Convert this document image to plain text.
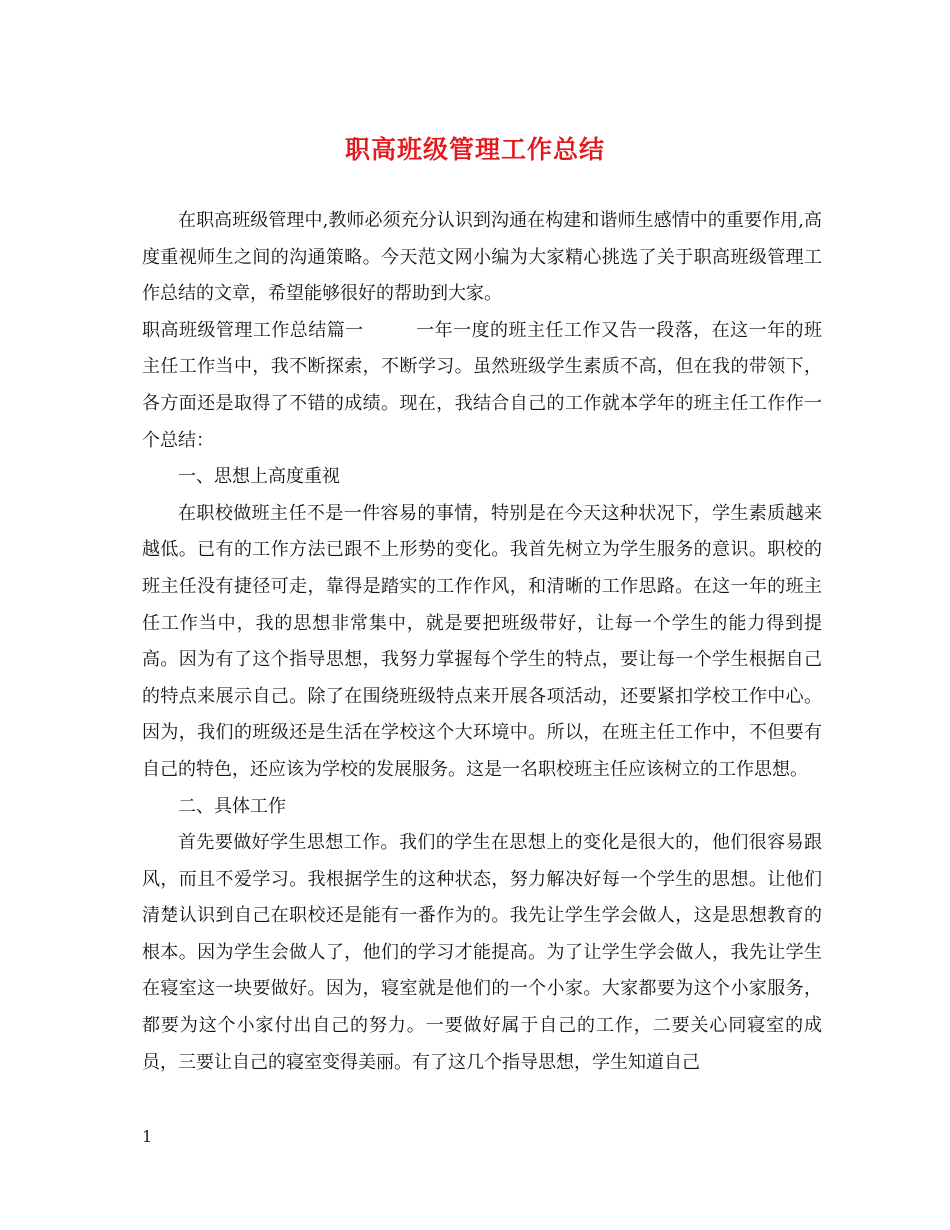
职高班级管理工作总结

在职高班级管理中,教师必须充分认识到沟通在构建和谐师生感情中的重要作用,高度重视师生之间的沟通策略。今天范文网小编为大家精心挑选了关于职高班级管理工作总结的文章，希望能够很好的帮助到大家。

职高班级管理工作总结篇一	一年一度的班主任工作又告一段落，在这一年的班主任工作当中，我不断探索，不断学习。虽然班级学生素质不高，但在我的带领下，各方面还是取得了不错的成绩。现在，我结合自己的工作就本学年的班主任工作作一个总结：

一、思想上高度重视

在职校做班主任不是一件容易的事情，特别是在今天这种状况下，学生素质越来越低。已有的工作方法已跟不上形势的变化。我首先树立为学生服务的意识。职校的班主任没有捷径可走，靠得是踏实的工作作风，和清晰的工作思路。在这一年的班主任工作当中，我的思想非常集中，就是要把班级带好，让每一个学生的能力得到提高。因为有了这个指导思想，我努力掌握每个学生的特点，要让每一个学生根据自己的特点来展示自己。除了在围绕班级特点来开展各项活动，还要紧扣学校工作中心。因为，我们的班级还是生活在学校这个大环境中。所以，在班主任工作中，不但要有自己的特色，还应该为学校的发展服务。这是一名职校班主任应该树立的工作思想。

二、具体工作

首先要做好学生思想工作。我们的学生在思想上的变化是很大的，他们很容易跟风，而且不爱学习。我根据学生的这种状态，努力解决好每一个学生的思想。让他们清楚认识到自己在职校还是能有一番作为的。我先让学生学会做人，这是思想教育的根本。因为学生会做人了，他们的学习才能提高。为了让学生学会做人，我先让学生在寝室这一块要做好。因为，寝室就是他们的一个小家。大家都要为这个小家服务，都要为这个小家付出自己的努力。一要做好属于自己的工作，二要关心同寝室的成员，三要让自己的寝室变得美丽。有了这几个指导思想，学生知道自己

1
